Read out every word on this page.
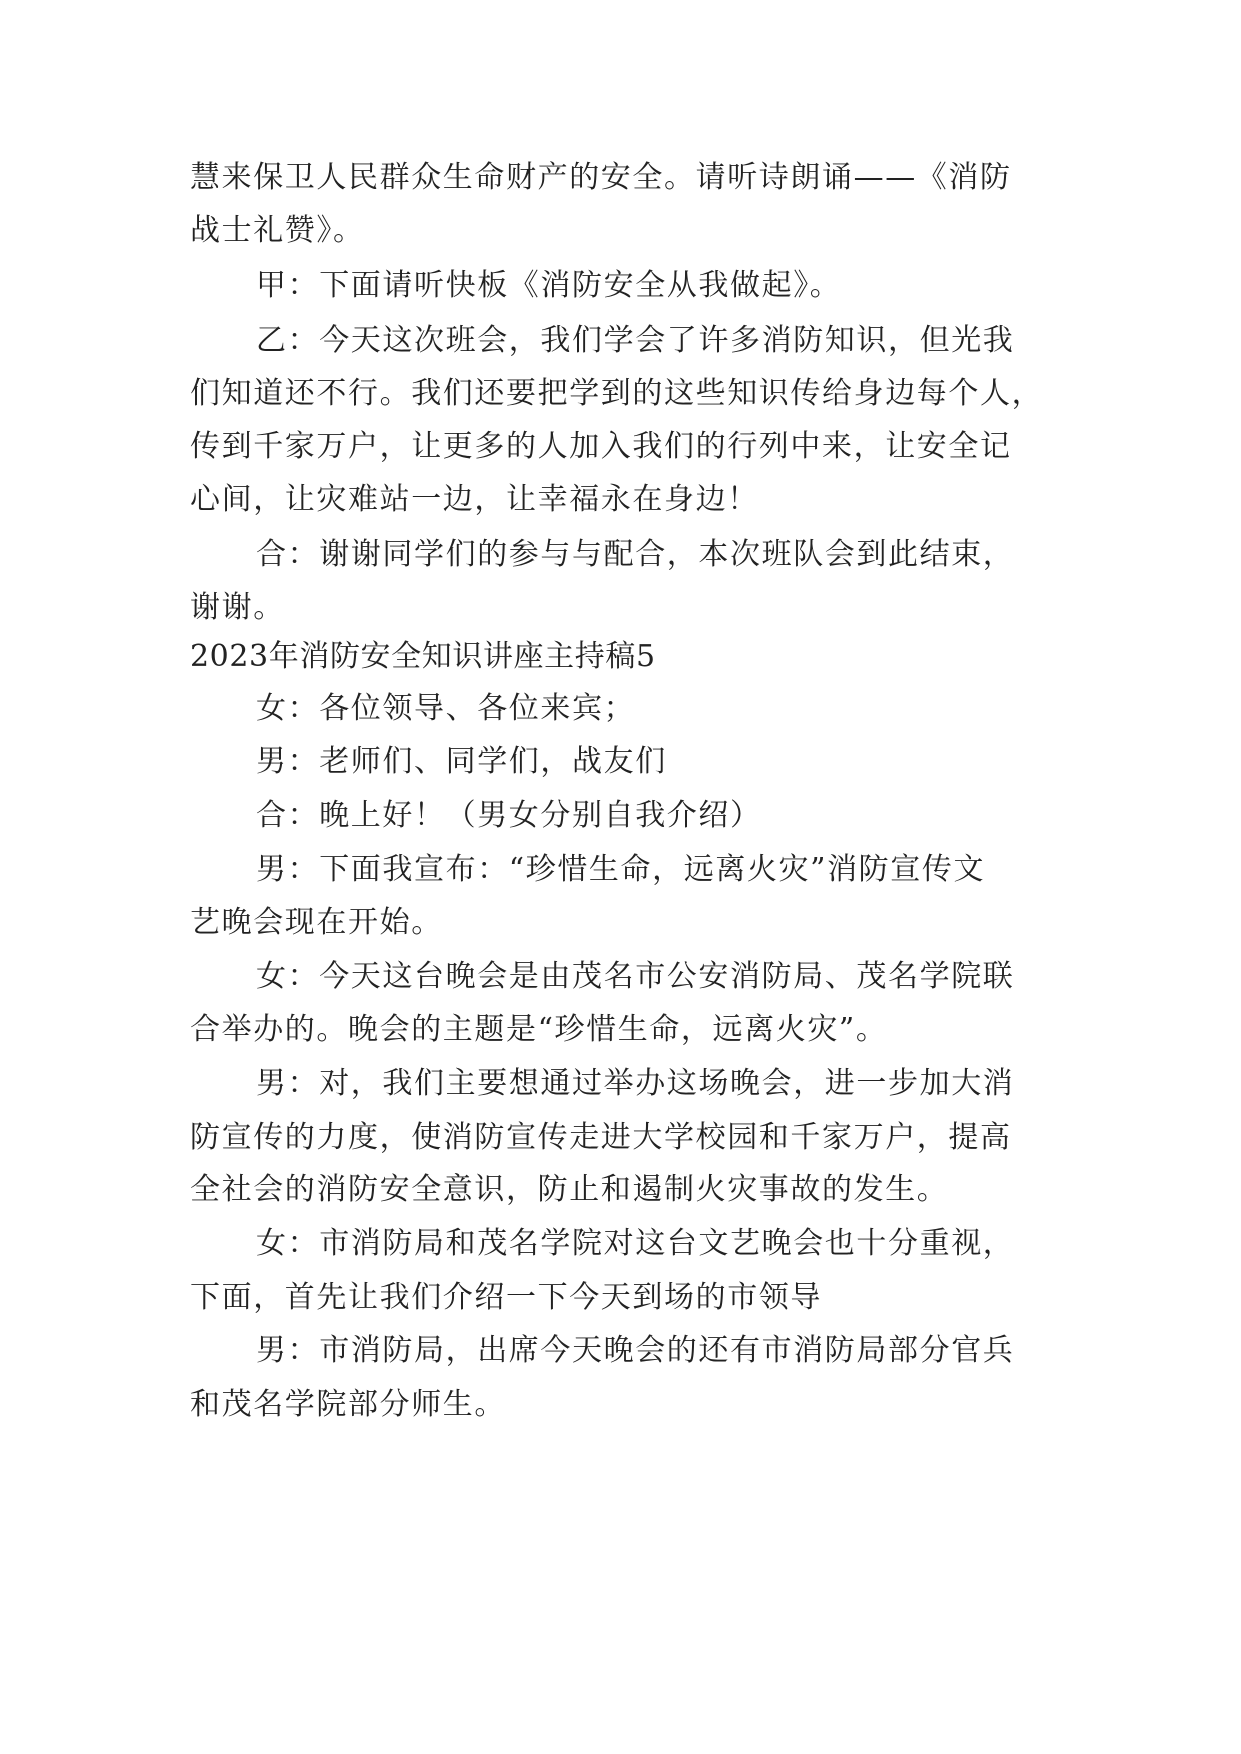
慧来保卫人民群众生命财产的安全。请听诗朗诵——《消防
战士礼赞》。
甲：下面请听快板《消防安全从我做起》。
乙：今天这次班会，我们学会了许多消防知识，但光我
们知道还不行。我们还要把学到的这些知识传给身边每个人，
传到千家万户，让更多的人加入我们的行列中来，让安全记
心间，让灾难站一边，让幸福永在身边！
合：谢谢同学们的参与与配合，本次班队会到此结束，
谢谢。
2023年消防安全知识讲座主持稿5
女：各位领导、各位来宾；
男：老师们、同学们，战友们
合：晚上好！（男女分别自我介绍）
男：下面我宣布：“珍惜生命，远离火灾”消防宣传文
艺晚会现在开始。
女：今天这台晚会是由茂名市公安消防局、茂名学院联
合举办的。晚会的主题是“珍惜生命，远离火灾”。
男：对，我们主要想通过举办这场晚会，进一步加大消
防宣传的力度，使消防宣传走进大学校园和千家万户，提高
全社会的消防安全意识，防止和遏制火灾事故的发生。
女：市消防局和茂名学院对这台文艺晚会也十分重视，
下面，首先让我们介绍一下今天到场的市领导
男：市消防局，出席今天晚会的还有市消防局部分官兵
和茂名学院部分师生。
